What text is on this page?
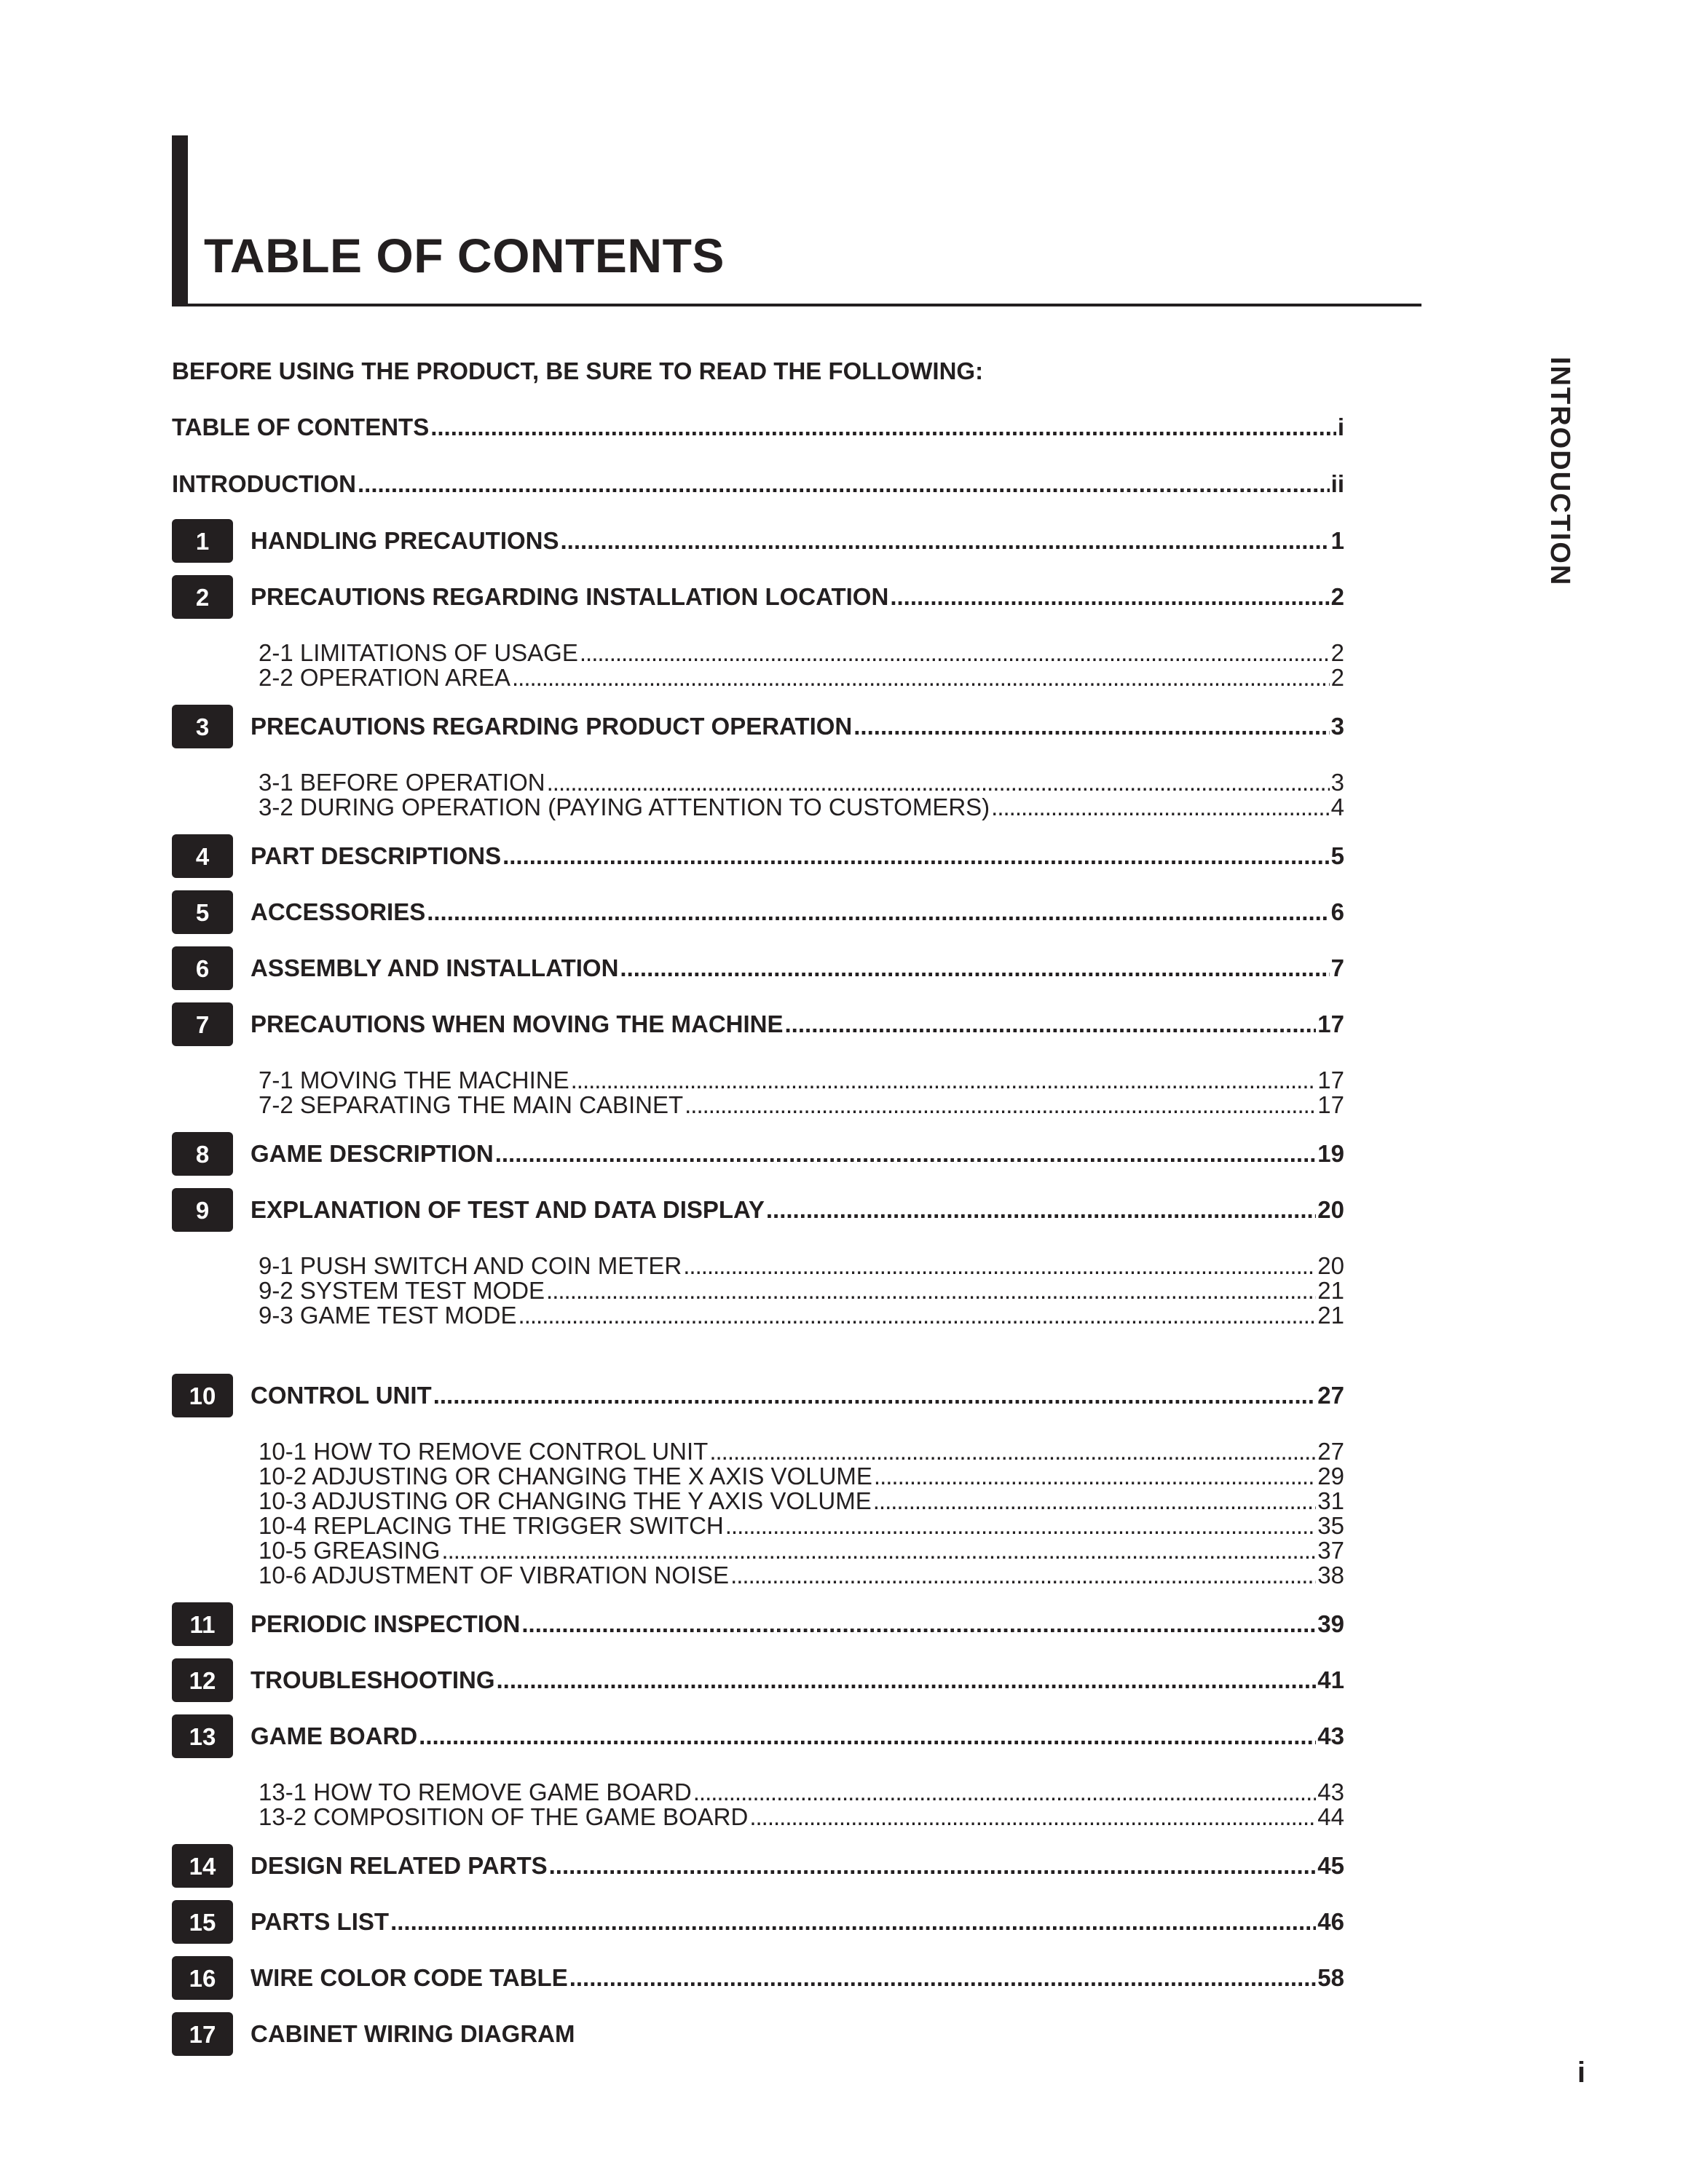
TABLE OF CONTENTS
INTRODUCTION
BEFORE USING THE PRODUCT, BE SURE TO READ THE FOLLOWING:
TABLE OF CONTENTS .....	i
INTRODUCTION .....	ii
1	HANDLING PRECAUTIONS .....	1
2	PRECAUTIONS REGARDING INSTALLATION LOCATION .....	2
2-1 LIMITATIONS OF USAGE .....	2
2-2 OPERATION AREA .....	2
3	PRECAUTIONS REGARDING PRODUCT OPERATION .....	3
3-1 BEFORE OPERATION .....	3
3-2 DURING OPERATION (PAYING ATTENTION TO CUSTOMERS) .....	4
4	PART DESCRIPTIONS .....	5
5	ACCESSORIES .....	6
6	ASSEMBLY AND INSTALLATION .....	7
7	PRECAUTIONS WHEN MOVING THE MACHINE .....	17
7-1 MOVING THE MACHINE .....	17
7-2 SEPARATING THE MAIN CABINET .....	17
8	GAME DESCRIPTION .....	19
9	EXPLANATION OF TEST AND DATA DISPLAY .....	20
9-1 PUSH SWITCH AND COIN METER .....	20
9-2 SYSTEM TEST MODE .....	21
9-3 GAME TEST MODE .....	21
10	CONTROL UNIT .....	27
10-1 HOW TO REMOVE CONTROL UNIT .....	27
10-2 ADJUSTING OR CHANGING THE X AXIS VOLUME .....	29
10-3 ADJUSTING OR CHANGING THE Y AXIS VOLUME .....	31
10-4 REPLACING THE TRIGGER SWITCH .....	35
10-5 GREASING .....	37
10-6 ADJUSTMENT OF VIBRATION NOISE .....	38
11	PERIODIC INSPECTION .....	39
12	TROUBLESHOOTING .....	41
13	GAME BOARD .....	43
13-1 HOW TO REMOVE GAME BOARD .....	43
13-2 COMPOSITION OF THE GAME BOARD .....	44
14	DESIGN RELATED PARTS .....	45
15	PARTS LIST .....	46
16	WIRE COLOR CODE TABLE .....	58
17	CABINET WIRING DIAGRAM
i
